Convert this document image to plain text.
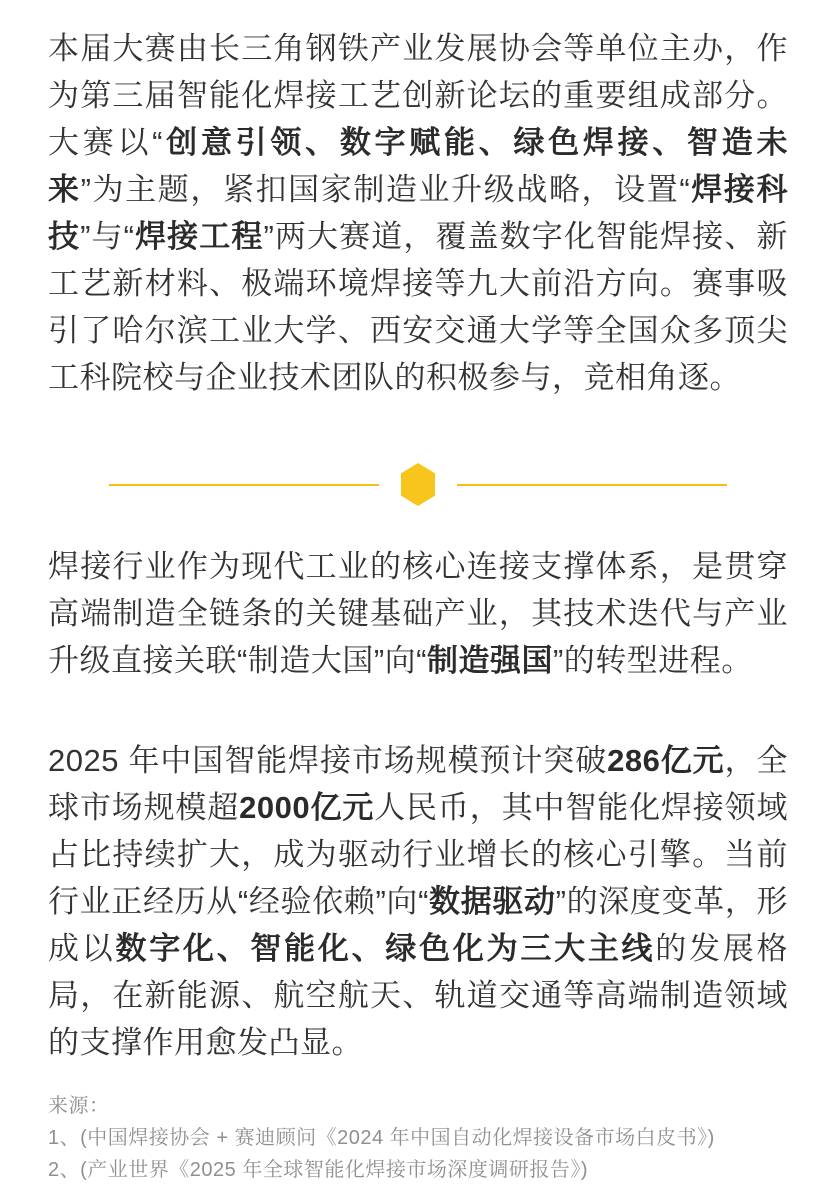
本届大赛由长三角钢铁产业发展协会等单位主办，作为第三届智能化焊接工艺创新论坛的重要组成部分。大赛以“创意引领、数字赋能、绿色焊接、智造未来”为主题，紧扣国家制造业升级战略，设置“焊接科技”与“焊接工程”两大赛道，覆盖数字化智能焊接、新工艺新材料、极端环境焊接等九大前沿方向。赛事吸引了哈尔滨工业大学、西安交通大学等全国众多顶尖工科院校与企业技术团队的积极参与，竞相角逐。

焊接行业作为现代工业的核心连接支撑体系，是贯穿高端制造全链条的关键基础产业，其技术迭代与产业升级直接关联“制造大国”向“制造强国”的转型进程。

2025 年中国智能焊接市场规模预计突破286亿元，全球市场规模超2000亿元人民币，其中智能化焊接领域占比持续扩大，成为驱动行业增长的核心引擎。当前行业正经历从“经验依赖”向“数据驱动”的深度变革，形成以数字化、智能化、绿色化为三大主线的发展格局，在新能源、航空航天、轨道交通等高端制造领域的支撑作用愈发凸显。

来源：
1、(中国焊接协会 + 赛迪顾问《2024 年中国自动化焊接设备市场白皮书》)
2、(产业世界《2025 年全球智能化焊接市场深度调研报告》)
